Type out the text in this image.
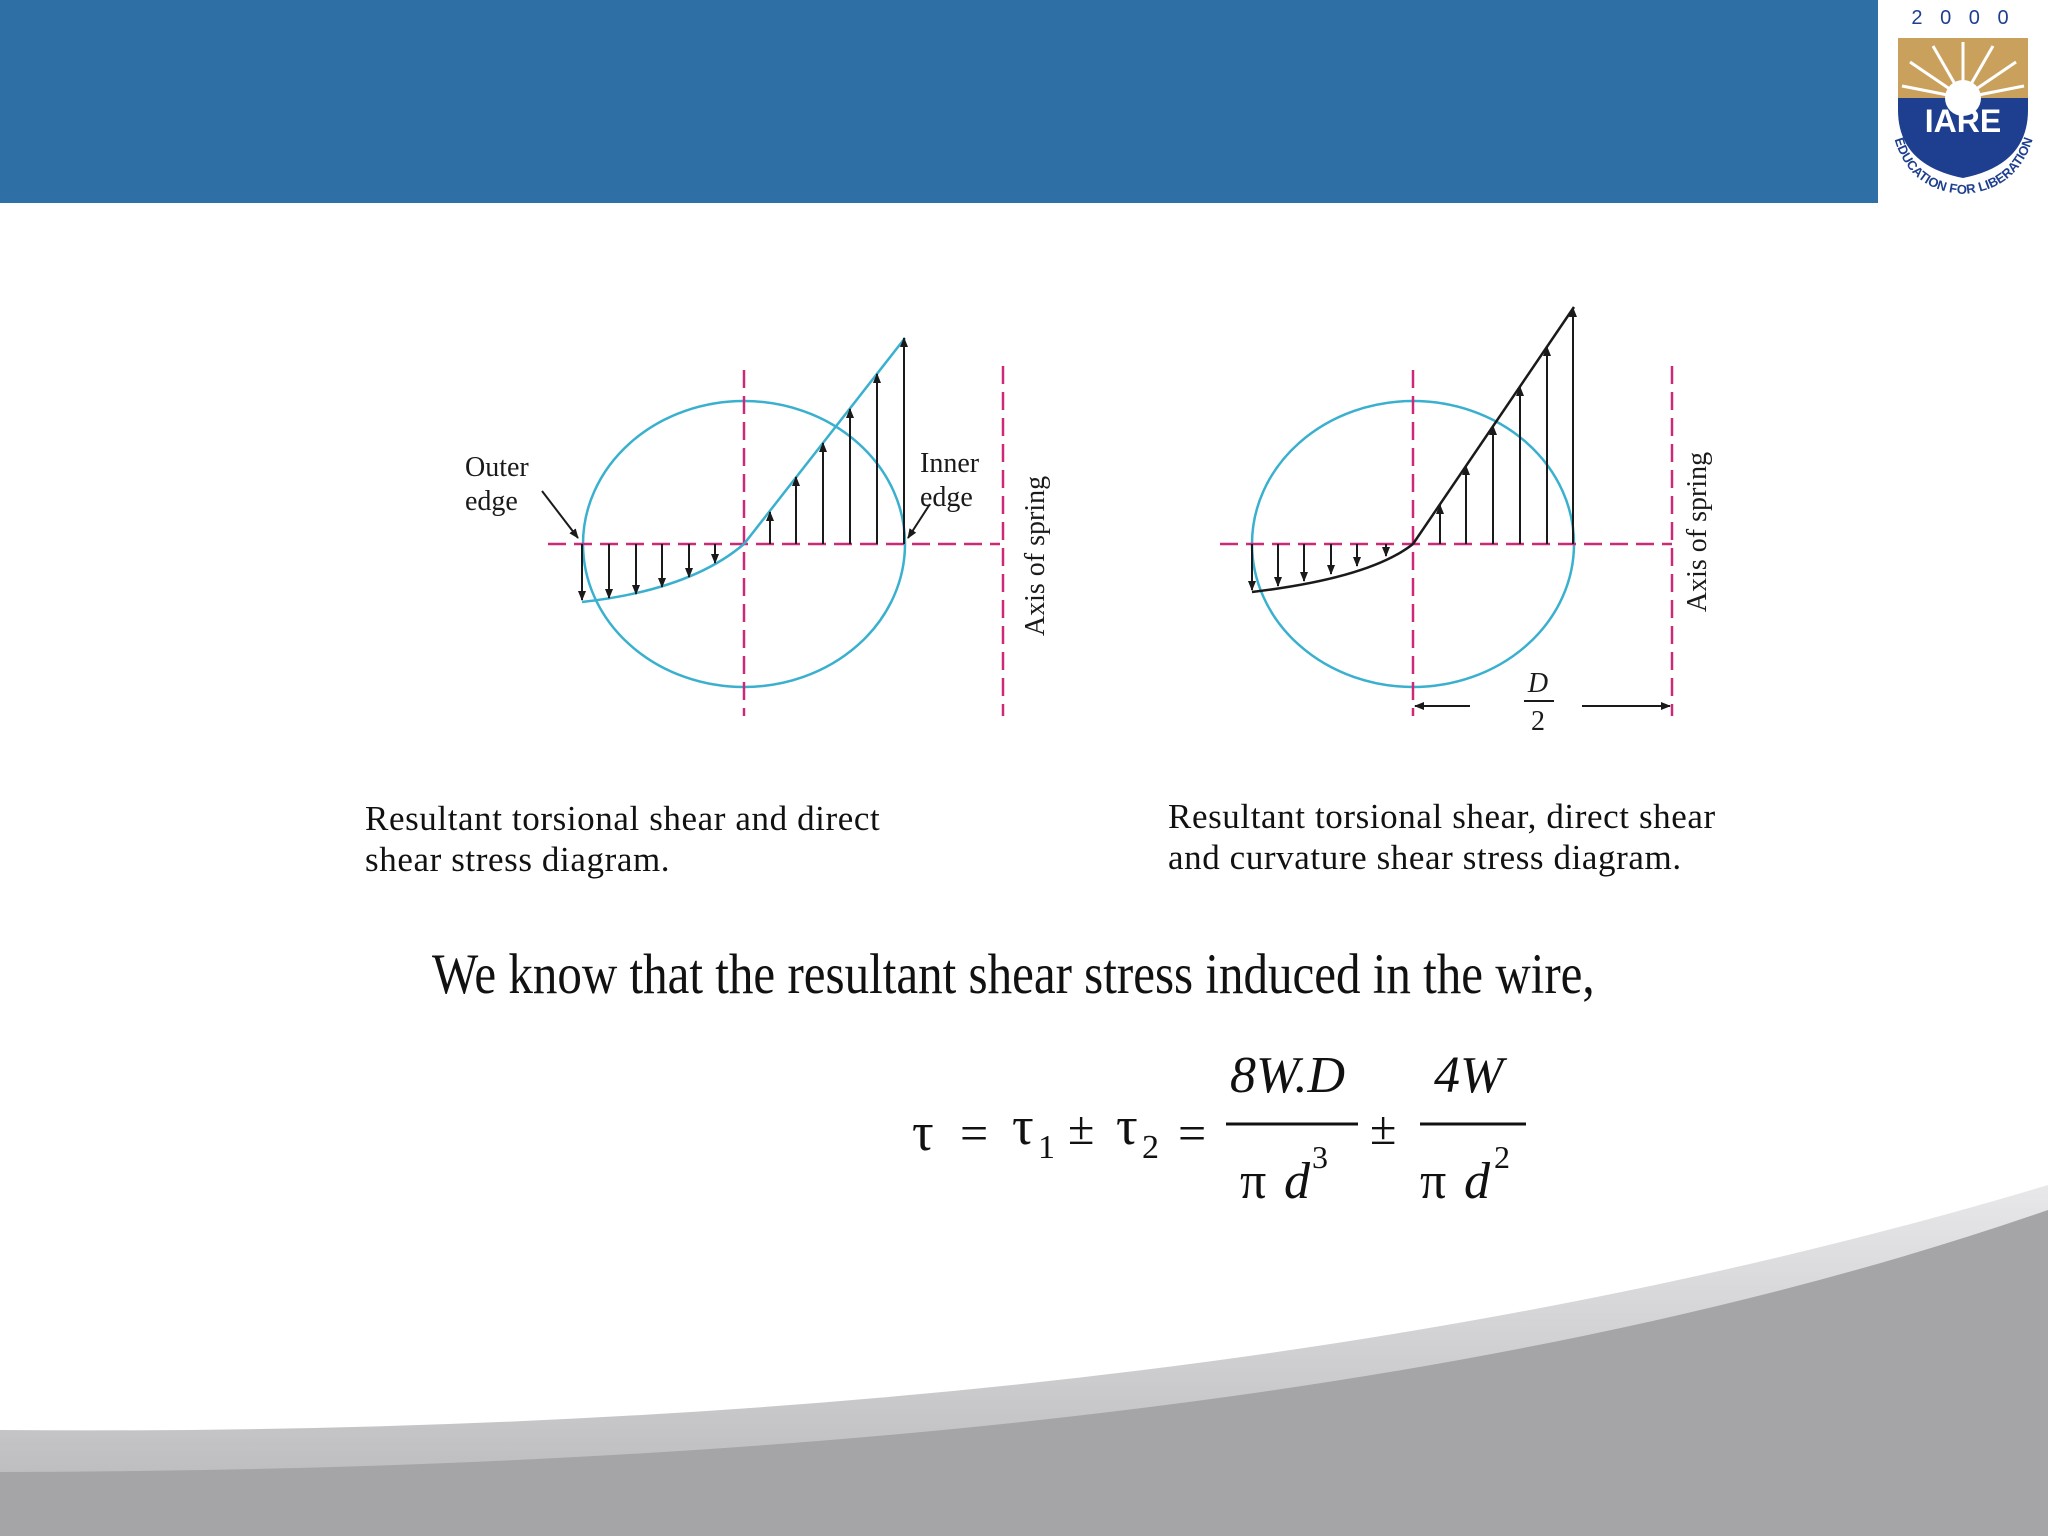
2 0 0 0
IARE
EDUCATION FOR LIBERATION
Outer
edge
Inner
edge Axis of spring
D
2
Axis of spring
Resultant torsional shear and direct
shear stress diagram.
Resultant torsional shear, direct shear
and curvature shear stress diagram.
We know that the resultant shear stress induced in the wire,
τ = τ 1 ± τ 2 =
8W.D
π d 3
±
4W
π d 2
